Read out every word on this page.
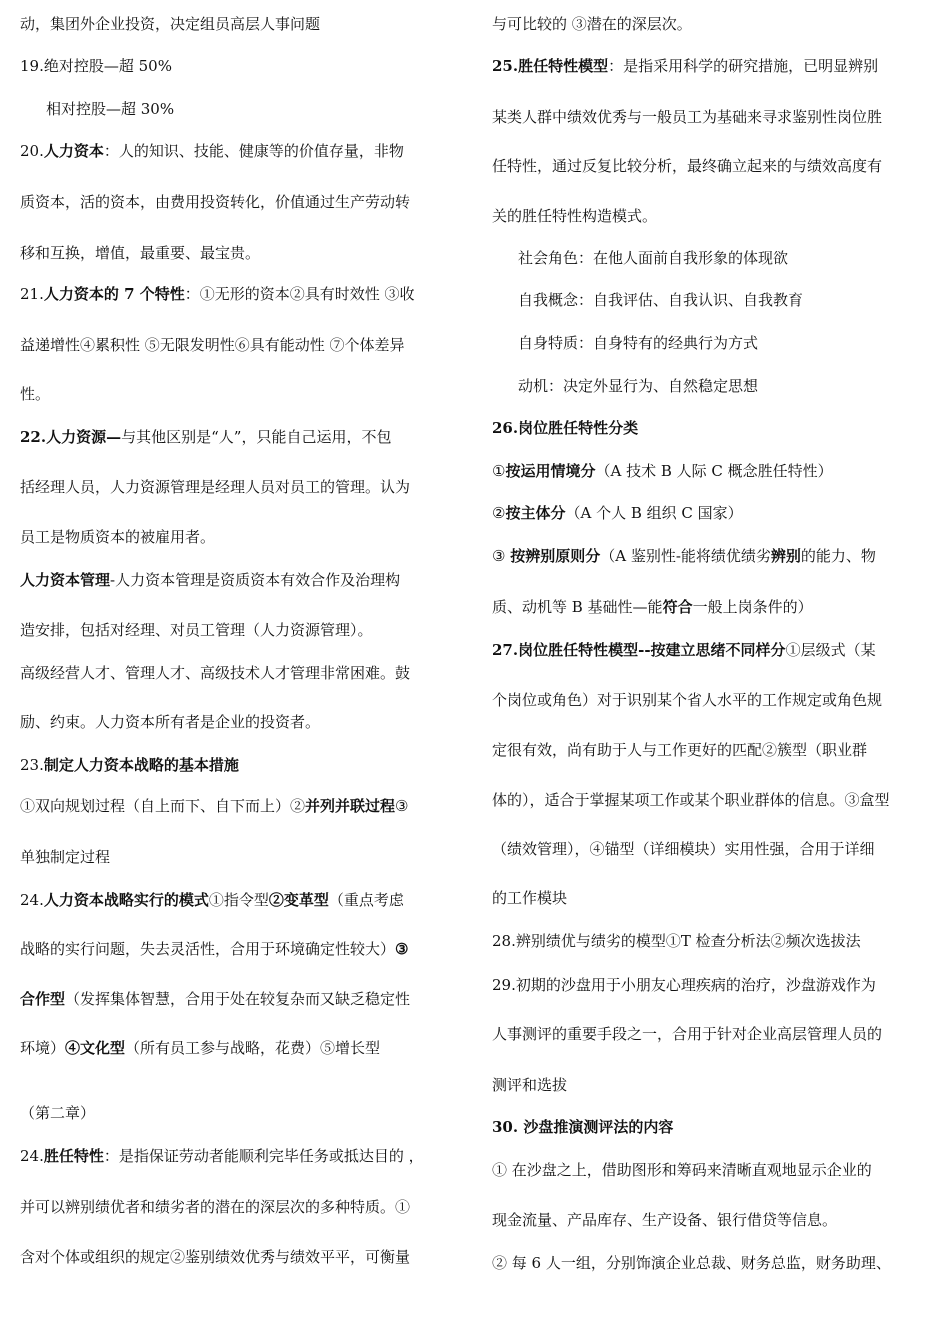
动，集团外企业投资，决定组员高层人事问题
19.绝对控股—超 50%
相对控股—超 30%
20.人力资本：人的知识、技能、健康等的价值存量，非物
质资本，活的资本，由费用投资转化，价值通过生产劳动转
移和互换，增值，最重要、最宝贵。
21.人力资本的 7 个特性：①无形的资本②具有时效性 ③收
益递增性④累积性 ⑤无限发明性⑥具有能动性 ⑦个体差异
性。
22.人力资源—与其他区别是“人”，只能自己运用，不包
括经理人员，人力资源管理是经理人员对员工的管理。认为
员工是物质资本的被雇用者。
人力资本管理-人力资本管理是资质资本有效合作及治理构
造安排，包括对经理、对员工管理（人力资源管理）。
高级经营人才、管理人才、高级技术人才管理非常困难。鼓
励、约束。人力资本所有者是企业的投资者。
23.制定人力资本战略的基本措施
①双向规划过程（自上而下、自下而上）②并列并联过程③
单独制定过程
24.人力资本战略实行的模式①指令型②变革型（重点考虑
战略的实行问题，失去灵活性，合用于环境确定性较大）③
合作型（发挥集体智慧，合用于处在较复杂而又缺乏稳定性
环境）④文化型（所有员工参与战略，花费）⑤增长型
（第二章）
24.胜任特性：是指保证劳动者能顺利完毕任务或抵达目的 ，
并可以辨别绩优者和绩劣者的潜在的深层次的多种特质。①
含对个体或组织的规定②鉴别绩效优秀与绩效平平，可衡量
与可比较的 ③潜在的深层次。
25.胜任特性模型：是指采用科学的研究措施，已明显辨别
某类人群中绩效优秀与一般员工为基础来寻求鉴别性岗位胜
任特性，通过反复比较分析，最终确立起来的与绩效高度有
关的胜任特性构造模式。
社会角色：在他人面前自我形象的体现欲
自我概念：自我评估、自我认识、自我教育
自身特质：自身特有的经典行为方式
动机：决定外显行为、自然稳定思想
26.岗位胜任特性分类
①按运用情境分（A 技术 B 人际 C 概念胜任特性）
②按主体分（A 个人 B 组织 C 国家）
③ 按辨别原则分（A 鉴别性-能将绩优绩劣辨别的能力、物
质、动机等 B 基础性—能符合一般上岗条件的）
27.岗位胜任特性模型--按建立思绪不同样分①层级式（某
个岗位或角色）对于识别某个省人水平的工作规定或角色规
定很有效，尚有助于人与工作更好的匹配②簇型（职业群
体的），适合于掌握某项工作或某个职业群体的信息。③盒型
（绩效管理），④锚型（详细模块）实用性强，合用于详细
的工作模块
28.辨别绩优与绩劣的模型①T 检查分析法②频次选拔法
29.初期的沙盘用于小朋友心理疾病的治疗，沙盘游戏作为
人事测评的重要手段之一，合用于针对企业高层管理人员的
测评和选拔
30. 沙盘推演测评法的内容
① 在沙盘之上，借助图形和筹码来清晰直观地显示企业的
现金流量、产品库存、生产设备、银行借贷等信息。
② 每 6 人一组，分别饰演企业总裁、财务总监，财务助理、
